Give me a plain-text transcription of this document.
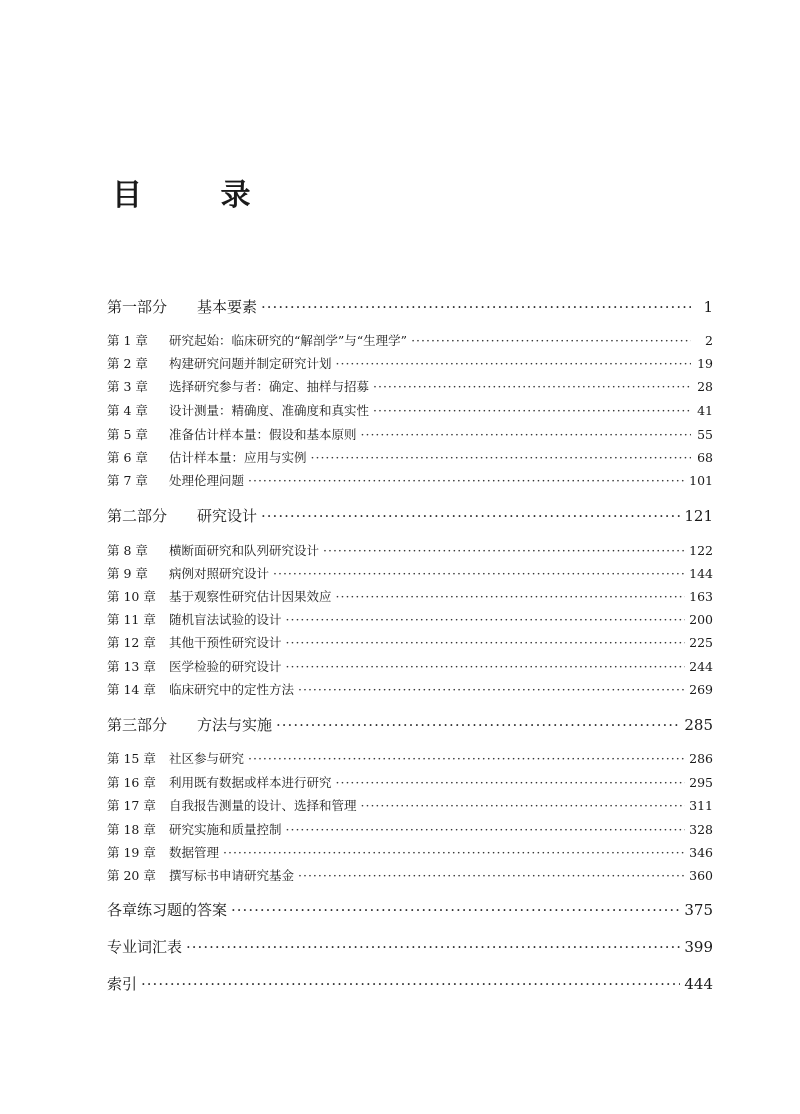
目 录
第一部分	基本要素 ·····	1
第 1 章	研究起始：临床研究的“解剖学”与“生理学” ·····	2
第 2 章	构建研究问题并制定研究计划 ·····	19
第 3 章	选择研究参与者：确定、抽样与招募 ·····	28
第 4 章	设计测量：精确度、准确度和真实性 ·····	41
第 5 章	准备估计样本量：假设和基本原则 ·····	55
第 6 章	估计样本量：应用与实例 ·····	68
第 7 章	处理伦理问题 ·····	101
第二部分	研究设计 ·····	121
第 8 章	横断面研究和队列研究设计 ·····	122
第 9 章	病例对照研究设计 ·····	144
第 10 章	基于观察性研究估计因果效应 ·····	163
第 11 章	随机盲法试验的设计 ·····	200
第 12 章	其他干预性研究设计 ·····	225
第 13 章	医学检验的研究设计 ·····	244
第 14 章	临床研究中的定性方法 ·····	269
第三部分	方法与实施 ·····	285
第 15 章	社区参与研究 ·····	286
第 16 章	利用既有数据或样本进行研究 ·····	295
第 17 章	自我报告测量的设计、选择和管理 ·····	311
第 18 章	研究实施和质量控制 ·····	328
第 19 章	数据管理 ·····	346
第 20 章	撰写标书申请研究基金 ·····	360
各章练习题的答案 ·····	375
专业词汇表 ·····	399
索引 ·····	444
